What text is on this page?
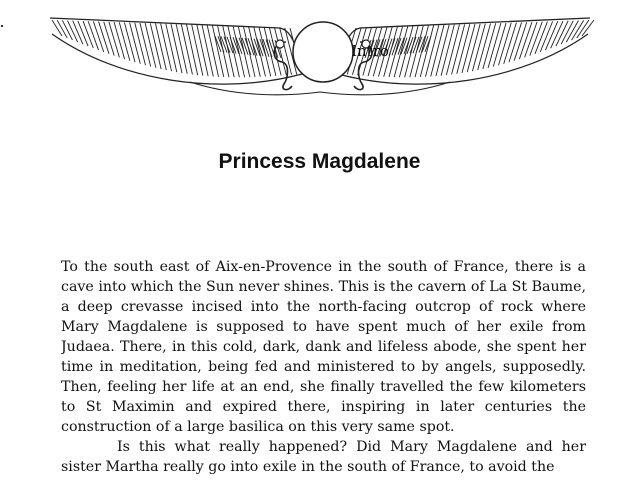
Intro
Princess Magdalene

To the south east of Aix-en-Provence in the south of France, there is a cave into which the Sun never shines. This is the cavern of La St Baume, a deep crevasse incised into the north-facing outcrop of rock where Mary Magdalene is supposed to have spent much of her exile from Judaea. There, in this cold, dark, dank and lifeless abode, she spent her time in meditation, being fed and ministered to by angels, supposedly. Then, feeling her life at an end, she finally travelled the few kilometers to St Maximin and expired there, inspiring in later centuries the construction of a large basilica on this very same spot.

Is this what really happened? Did Mary Magdalene and her sister Martha really go into exile in the south of France, to avoid the
